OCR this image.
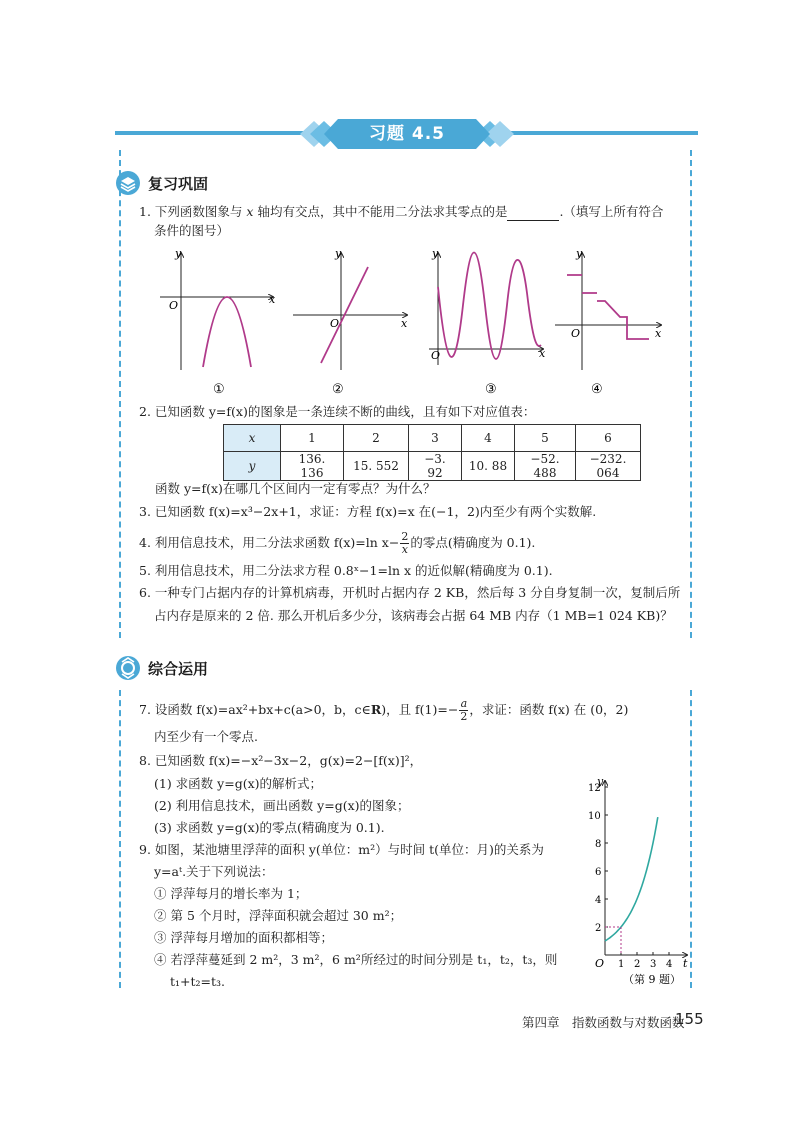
习题 4.5
复习巩固
1. 下列函数图象与 x 轴均有交点，其中不能用二分法求其零点的是	.（填写上所有符合
条件的图号）
y
x
O
①
y
x
O
②
y
x
O
③
y
x
O
④
2. 已知函数 y=f(x)的图象是一条连续不断的曲线，且有如下对应值表：
x	1	2	3	4	5	6
y	136. 136	15. 552	−3. 92	10. 88	−52. 488	−232. 064
函数 y=f(x)在哪几个区间内一定有零点？为什么？
3. 已知函数 f(x)=x³−2x+1，求证：方程 f(x)=x 在(−1，2)内至少有两个实数解.
4. 利用信息技术，用二分法求函数 f(x)=ln $x- \frac{2}{x}$ 的零点(精确度为 0.1).
5. 利用信息技术，用二分法求方程 0.8ˣ−1=ln x 的近似解(精确度为 0.1).
6. 一种专门占据内存的计算机病毒，开机时占据内存 2 KB，然后每 3 分自身复制一次，复制后所
占内存是原来的 2 倍. 那么开机后多少分，该病毒会占据 64 MB 内存（1 MB=1 024 KB)？
综合运用
7. 设函数 f(x)=ax²+bx+c(a>0，b，c∈R)，且 $f(1)=- \frac{a}{2}$ ，求证：函数 f(x) 在 (0，2)
内至少有一个零点.
8. 已知函数 f(x)=−x²−3x−2，g(x)=2−[f(x)]²，
(1) 求函数 y=g(x)的解析式；
(2) 利用信息技术，画出函数 y=g(x)的图象；
(3) 求函数 y=g(x)的零点(精确度为 0.1).
9. 如图，某池塘里浮萍的面积 y(单位：m²）与时间 t(单位：月)的关系为
y=aᵗ.关于下列说法：
① 浮萍每月的增长率为 1；
② 第 5 个月时，浮萍面积就会超过 30 m²；
③ 浮萍每月增加的面积都相等；
④ 若浮萍蔓延到 2 m²，3 m²，6 m²所经过的时间分别是 t₁，t₂，t₃，则
t₁+t₂=t₃.
y
t
O 1 2 3 4
2
4
6
8
10
12
（第 9 题）
第四章　指数函数与对数函数
155
